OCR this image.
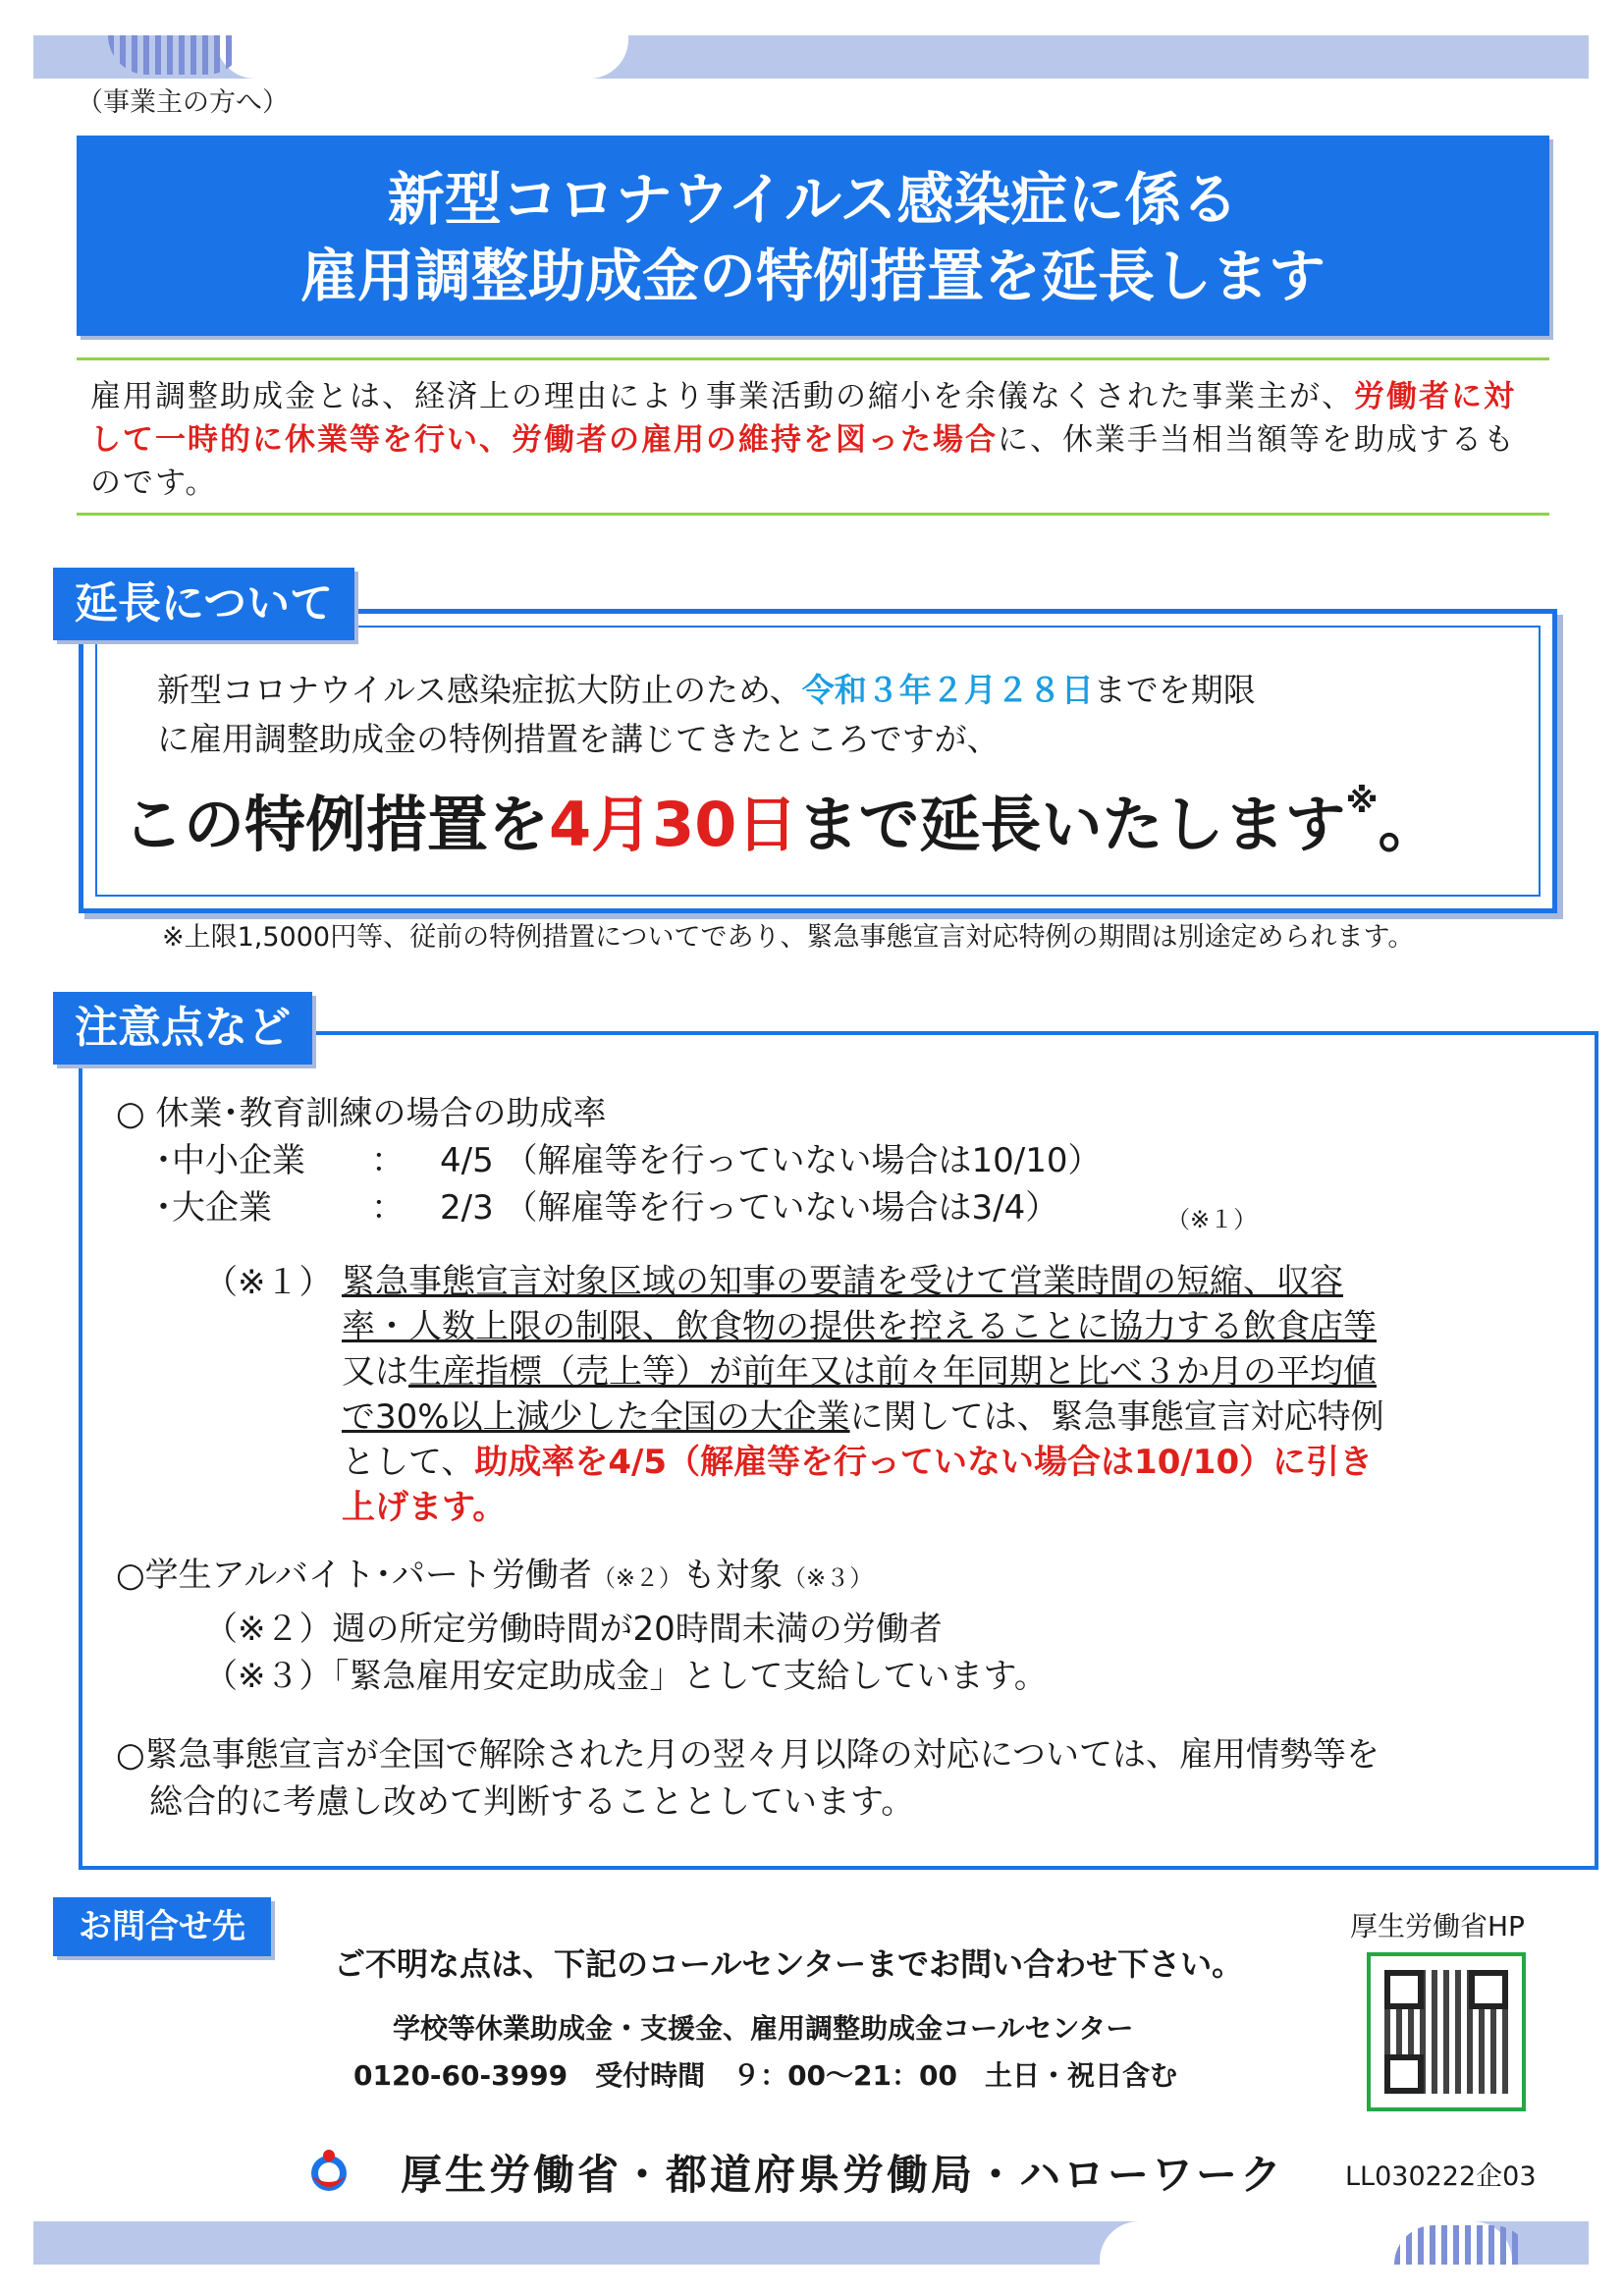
（事業主の方へ）
新型コロナウイルス感染症に係る
雇用調整助成金の特例措置を延長します
雇用調整助成金とは、経済上の理由により事業活動の縮小を余儀なくされた事業主が、労働者に対して一時的に休業等を行い、労働者の雇用の維持を図った場合に、休業手当相当額等を助成するものです。
延長について
新型コロナウイルス感染症拡大防止のため、令和３年２月２８日までを期限
に雇用調整助成金の特例措置を講じてきたところですが、
この特例措置を4月30日まで延長いたします※。
※上限1,5000円等、従前の特例措置についてであり、緊急事態宣言対応特例の期間は別途定められます。
注意点など
○ 休業･教育訓練の場合の助成率
･中小企業 ： 4/5 （解雇等を行っていない場合は10/10）
･大企業	： 2/3 （解雇等を行っていない場合は3/4）	（※１）
（※１） 緊急事態宣言対象区域の知事の要請を受けて営業時間の短縮、収容
率・人数上限の制限、飲食物の提供を控えることに協力する飲食店等
又は生産指標（売上等）が前年又は前々年同期と比べ３か月の平均値
で30%以上減少した全国の大企業に関しては、緊急事態宣言対応特例
として、助成率を4/5（解雇等を行っていない場合は10/10）に引き
上げます。
○学生アルバイト･パート労働者（※２）も対象（※３）
（※２）週の所定労働時間が20時間未満の労働者
（※３）「緊急雇用安定助成金」として支給しています。
○緊急事態宣言が全国で解除された月の翌々月以降の対応については、雇用情勢等を
総合的に考慮し改めて判断することとしています。
お問合せ先
ご不明な点は、下記のコールセンターまでお問い合わせ下さい。
学校等休業助成金・支援金、雇用調整助成金コールセンター
0120-60-3999　受付時間　９：00～21：00　土日・祝日含む
厚生労働省HP
厚生労働省・都道府県労働局・ハローワーク LL030222企03
